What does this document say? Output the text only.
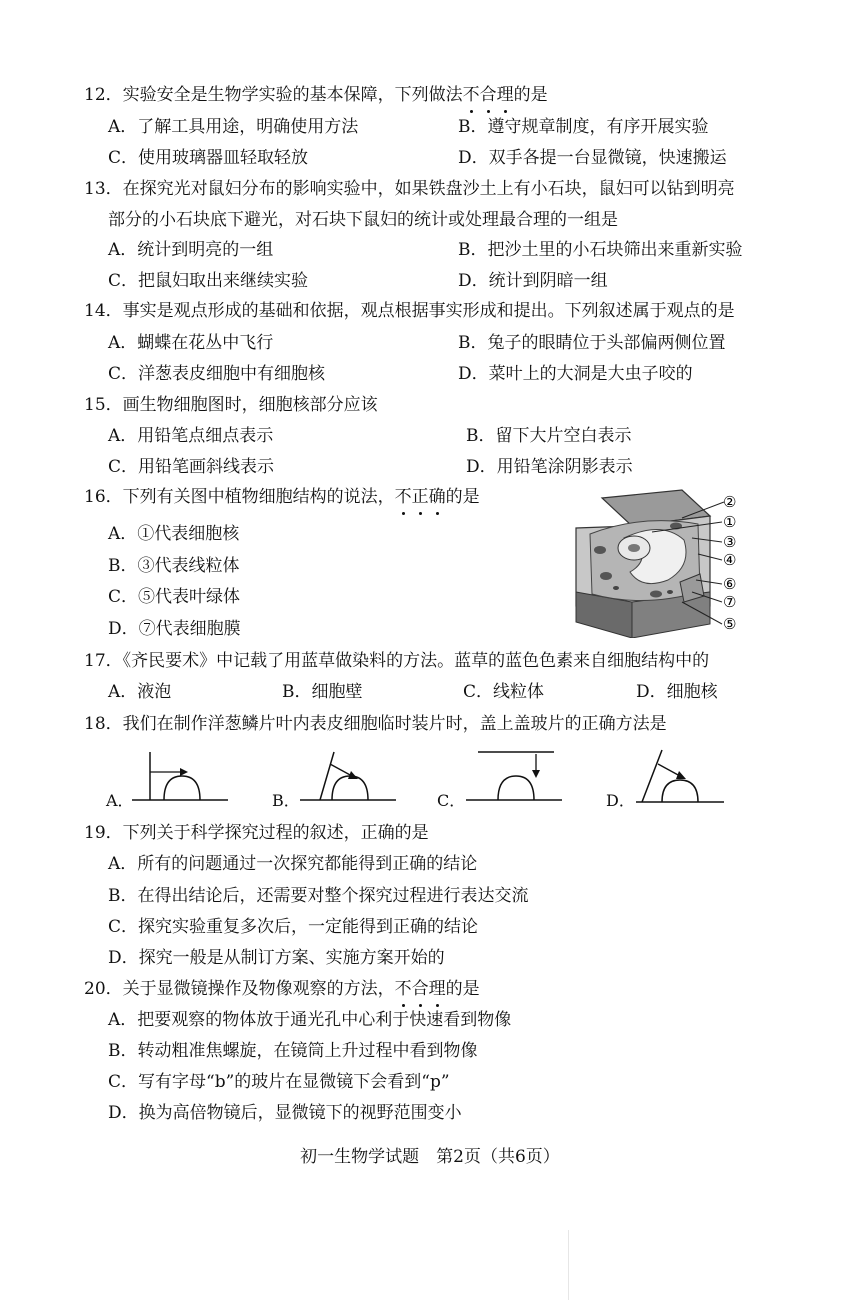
12．实验安全是生物学实验的基本保障，下列做法不合理的是
A．了解工具用途，明确使用方法	B．遵守规章制度，有序开展实验
C．使用玻璃器皿轻取轻放	D．双手各提一台显微镜，快速搬运
13．在探究光对鼠妇分布的影响实验中，如果铁盘沙土上有小石块，鼠妇可以钻到明亮
部分的小石块底下避光，对石块下鼠妇的统计或处理最合理的一组是
A．统计到明亮的一组	B．把沙土里的小石块筛出来重新实验
C．把鼠妇取出来继续实验	D．统计到阴暗一组
14．事实是观点形成的基础和依据，观点根据事实形成和提出。下列叙述属于观点的是
A．蝴蝶在花丛中飞行	B．兔子的眼睛位于头部偏两侧位置
C．洋葱表皮细胞中有细胞核	D．菜叶上的大洞是大虫子咬的
15．画生物细胞图时，细胞核部分应该
A．用铅笔点细点表示	B．留下大片空白表示
C．用铅笔画斜线表示	D．用铅笔涂阴影表示
16．下列有关图中植物细胞结构的说法，不正确的是
A．①代表细胞核
B．③代表线粒体
C．⑤代表叶绿体
D．⑦代表细胞膜
②
①
③
④
⑥
⑦
⑤
17．《齐民要术》中记载了用蓝草做染料的方法。蓝草的蓝色色素来自细胞结构中的
A．液泡	B．细胞壁	C．线粒体	D．细胞核
18．我们在制作洋葱鳞片叶内表皮细胞临时装片时，盖上盖玻片的正确方法是
A．	B．	C．	D．
19．下列关于科学探究过程的叙述，正确的是
A．所有的问题通过一次探究都能得到正确的结论
B．在得出结论后，还需要对整个探究过程进行表达交流
C．探究实验重复多次后，一定能得到正确的结论
D．探究一般是从制订方案、实施方案开始的
20．关于显微镜操作及物像观察的方法，不合理的是
A．把要观察的物体放于通光孔中心利于快速看到物像
B．转动粗准焦螺旋，在镜筒上升过程中看到物像
C．写有字母“b”的玻片在显微镜下会看到“p”
D．换为高倍物镜后，显微镜下的视野范围变小
初一生物学试题　第2页（共6页）
